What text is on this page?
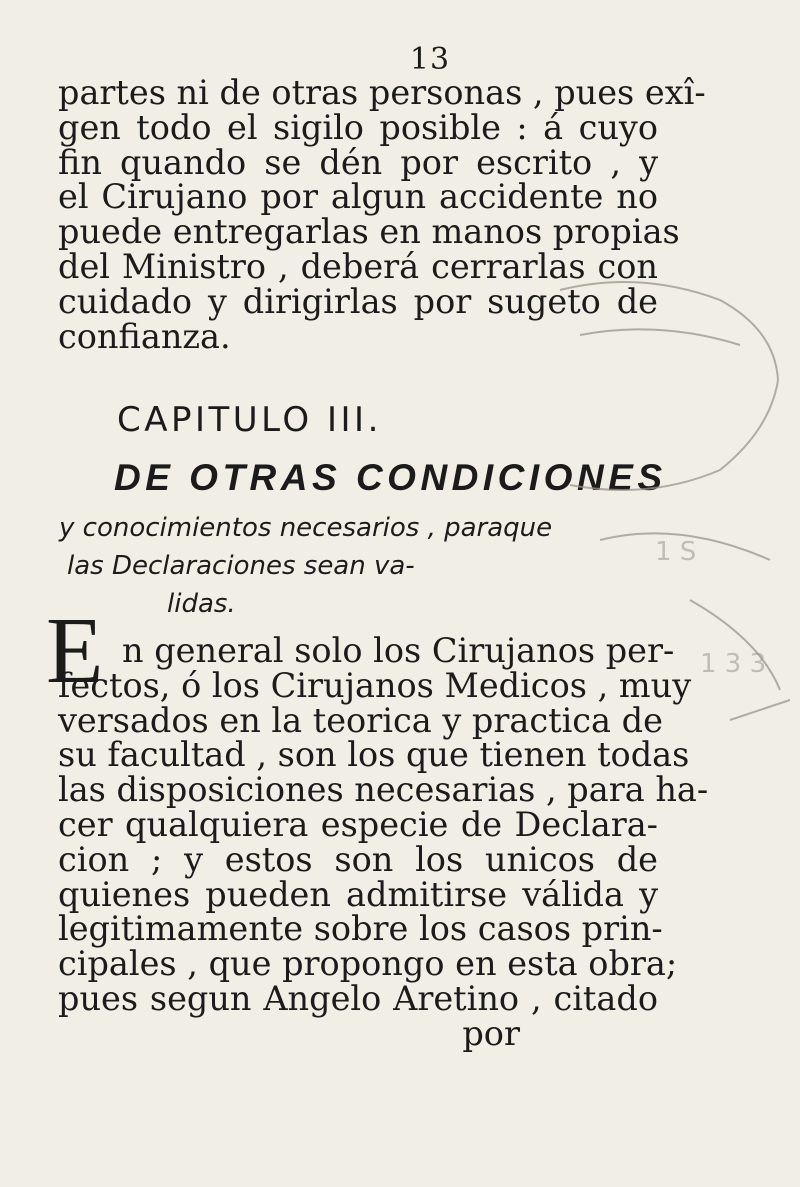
13
partes ni de otras personas , pues exî-
gen todo el sigilo posible : á cuyo
fin quando se dén por escrito , y
el Cirujano por algun accidente no
puede entregarlas en manos propias
del Ministro , deberá cerrarlas con
cuidado y dirigirlas por sugeto de
confianza.
CAPITULO III.
DE OTRAS CONDICIONES
y conocimientos necesarios , paraque
las Declaraciones sean va-
lidas.
E n general solo los Cirujanos per-
fectos, ó los Cirujanos Medicos , muy
versados en la teorica y practica de
su facultad , son los que tienen todas
las disposiciones necesarias , para ha-
cer qualquiera especie de Declara-
cion ; y estos son los unicos de
quienes pueden admitirse válida y
legitimamente sobre los casos prin-
cipales , que propongo en esta obra;
pues segun Angelo Aretino , citado
por
1 S
1 3 3
